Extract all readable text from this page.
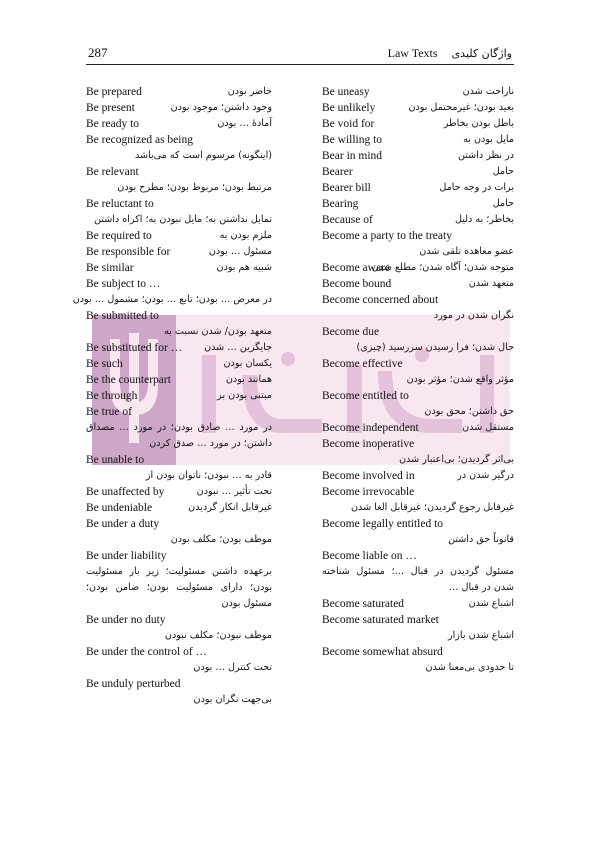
287	واژگان کلیدی    Law Texts
Be prepared	حاضر بودن
Be present	وجود داشتن؛ موجود بودن
Be ready to	آمادهٔ … بودن
Be recognized as being
(اینگونه) مرسوم است که می‌باشد
Be relevant
مرتبط بودن؛ مربوط بودن؛ مطرح بودن
Be reluctant to
تمایل نداشتن به؛ مایل نبودن به؛ اکراه داشتن
Be required to	ملزم بودن به
Be responsible for	مسئول … بودن
Be similar	شبیه هم بودن
Be subject to …
در معرض … بودن؛ تابع … بودن؛ مشمول … بودن
Be submitted to
متعهد بودن/ شدن نسبت به
Be substituted for …	جایگزین … شدن
Be such	یکسان بودن
Be the counterpart	همانند بودن
Be through	مبتنی بودن بر
Be true of
در مورد … صادق بودن؛ در مورد … مصداق داشتن؛ در مورد … صدق کردن
Be unable to
قادر به … نبودن؛ ناتوان بودن از
Be unaffected by	تحت تأثیر … نبودن
Be undeniable	غیرقابل انکار گردیدن
Be under a duty
موظف بودن؛ مکلف بودن
Be under liability
برعهده داشتن مسئولیت؛ زیر بار مسئولیت بودن؛ دارای مسئولیت بودن؛ ضامن بودن؛ مسئول بودن
Be under no duty
موظف نبودن؛ مکلف نبودن
Be under the control of …
تحت کنترل … بودن
Be unduly perturbed
بی‌جهت نگران بودن
Be uneasy	ناراحت شدن
Be unlikely	بعید بودن؛ غیرمحتمل بودن
Be void for	باطل بودن بخاطر
Be willing to	مایل بودن به
Bear in mind	در نظر داشتن
Bearer	حامل
Bearer bill	برات در وجه حامل
Bearing	حامل
Because of	بخاطر؛ به دلیل
Become a party to the treaty
عضو معاهده تلقی شدن
Become aware
متوجه شدن؛ آگاه شدن؛ مطلع شدن
Become bound	متعهد شدن
Become concerned about
نگران شدن در مورد
Become due
حال شدن؛ فرا رسیدن سررسید (چیزی)
Become effective
مؤثر واقع شدن؛ مؤثر بودن
Become entitled to
حق داشتن؛ محق بودن
Become independent	مستقل شدن
Become inoperative
بی‌اثر گردیدن؛ بی‌اعتبار شدن
Become involved in	درگیر شدن در
Become irrevocable
غیرقابل رجوع گردیدن؛ غیرقابل الغا شدن
Become legally entitled to
قانوناً حق داشتن
Become liable on …
مسئول گردیدن در قبال …؛ مسئول شناخته شدن در قبال …
Become saturated	اشباع شدن
Become saturated market
اشباع شدن بازار
Become somewhat absurd
تا حدودی بی‌معنا شدن
